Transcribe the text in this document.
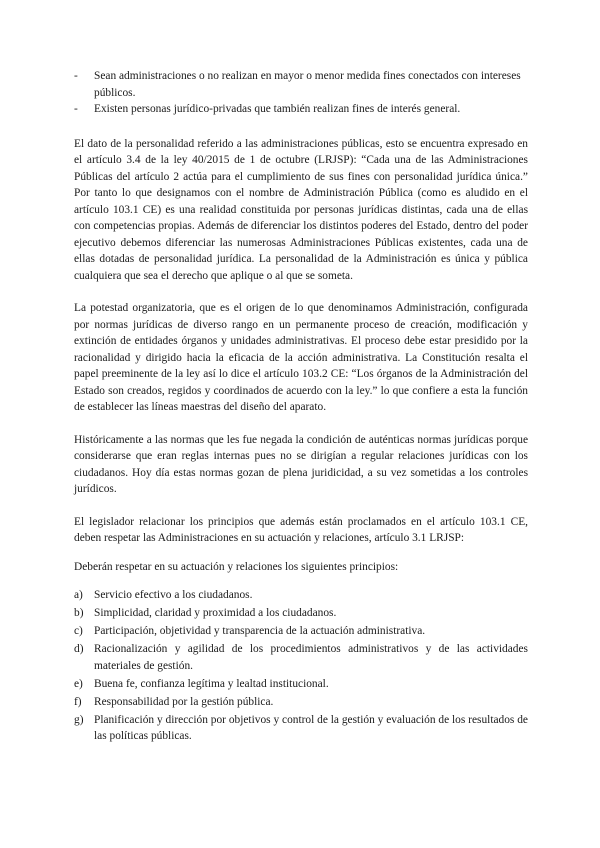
- Sean administraciones o no realizan en mayor o menor medida fines conectados con intereses públicos.
- Existen personas jurídico-privadas que también realizan fines de interés general.

El dato de la personalidad referido a las administraciones públicas, esto se encuentra expresado en el artículo 3.4 de la ley 40/2015 de 1 de octubre (LRJSP): “Cada una de las Administraciones Públicas del artículo 2 actúa para el cumplimiento de sus fines con personalidad jurídica única.” Por tanto lo que designamos con el nombre de Administración Pública (como es aludido en el artículo 103.1 CE) es una realidad constituida por personas jurídicas distintas, cada una de ellas con competencias propias. Además de diferenciar los distintos poderes del Estado, dentro del poder ejecutivo debemos diferenciar las numerosas Administraciones Públicas existentes, cada una de ellas dotadas de personalidad jurídica. La personalidad de la Administración es única y pública cualquiera que sea el derecho que aplique o al que se someta.

La potestad organizatoria, que es el origen de lo que denominamos Administración, configurada por normas jurídicas de diverso rango en un permanente proceso de creación, modificación y extinción de entidades órganos y unidades administrativas. El proceso debe estar presidido por la racionalidad y dirigido hacia la eficacia de la acción administrativa. La Constitución resalta el papel preeminente de la ley así lo dice el artículo 103.2 CE: “Los órganos de la Administración del Estado son creados, regidos y coordinados de acuerdo con la ley.” lo que confiere a esta la función de establecer las líneas maestras del diseño del aparato.

Históricamente a las normas que les fue negada la condición de auténticas normas jurídicas porque considerarse que eran reglas internas pues no se dirigían a regular relaciones jurídicas con los ciudadanos. Hoy día estas normas gozan de plena juridicidad, a su vez sometidas a los controles jurídicos.

El legislador relacionar los principios que además están proclamados en el artículo 103.1 CE, deben respetar las Administraciones en su actuación y relaciones, artículo 3.1 LRJSP:

Deberán respetar en su actuación y relaciones los siguientes principios:

a) Servicio efectivo a los ciudadanos.
b) Simplicidad, claridad y proximidad a los ciudadanos.
c) Participación, objetividad y transparencia de la actuación administrativa.
d) Racionalización y agilidad de los procedimientos administrativos y de las actividades materiales de gestión.
e) Buena fe, confianza legítima y lealtad institucional.
f) Responsabilidad por la gestión pública.
g) Planificación y dirección por objetivos y control de la gestión y evaluación de los resultados de las políticas públicas.
